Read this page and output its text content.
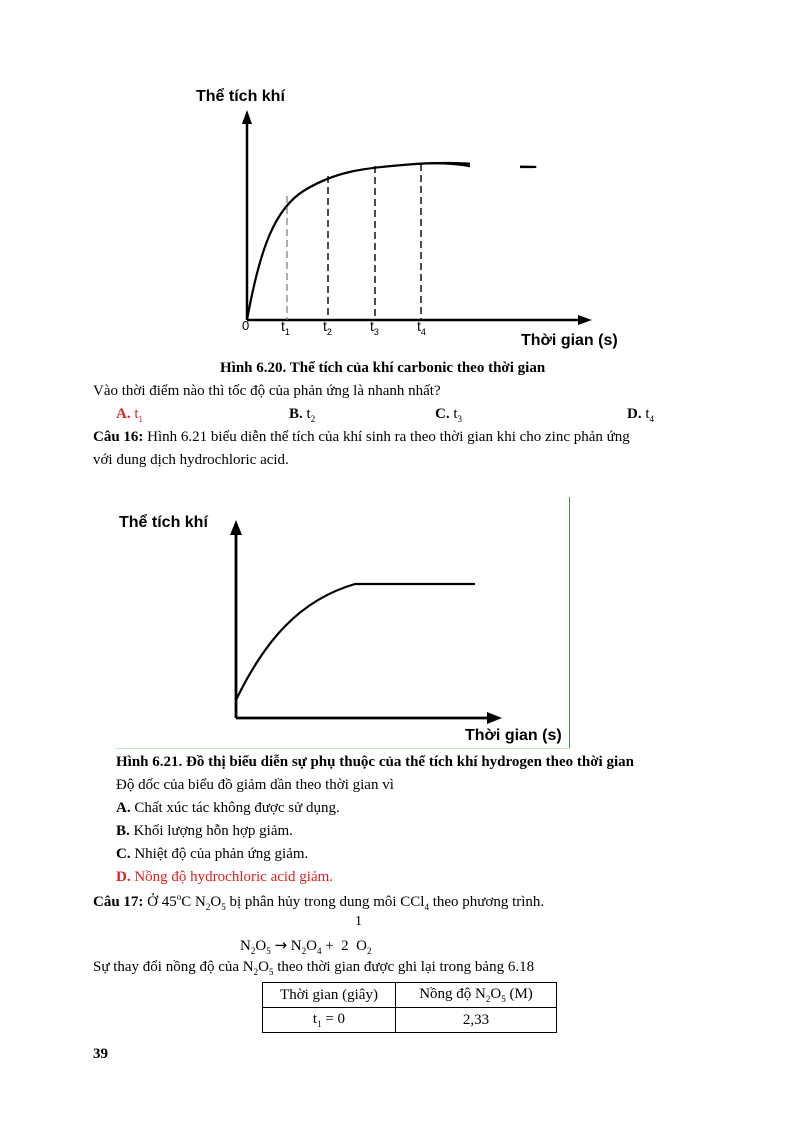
Thể tích khí
0 $t_1$ $t_2$	$t_3$	$t_4$
Thời gian (s)
Hình 6.20. Thể tích của khí carbonic theo thời gian
Vào thời điểm nào thì tốc độ của phản ứng là nhanh nhất?
A. $t_1$	B. $t_2$	C. $t_3$	D. $t_4$
Câu 16: Hình 6.21 biểu diễn thể tích của khí sinh ra theo thời gian khi cho zinc phản ứng
với dung dịch hydrochloric acid.
Thể tích khí
Thời gian (s)
Hình 6.21. Đồ thị biểu diễn sự phụ thuộc của thể tích khí hydrogen theo thời gian
Độ dốc của biểu đồ giảm dần theo thời gian vì
A. Chất xúc tác không được sử dụng.
B. Khối lượng hỗn hợp giảm.
C. Nhiệt độ của phản ứng giảm.
D. Nồng độ hydrochloric acid giảm.
Câu 17: Ở 45$^o$C $N_2O_5$ bị phân hủy trong dung môi CCl$_4$ theo phương trình.
1
$N_2O_5 \to N_2O_4 + 2$  $O_2$
Sự thay đổi nồng độ của $N_2O_5$ theo thời gian được ghi lại trong bảng 6.18
Thời gian (giây)	Nồng độ $N_2O_5$ (M)
$t_1 = 0$	2,33
39
